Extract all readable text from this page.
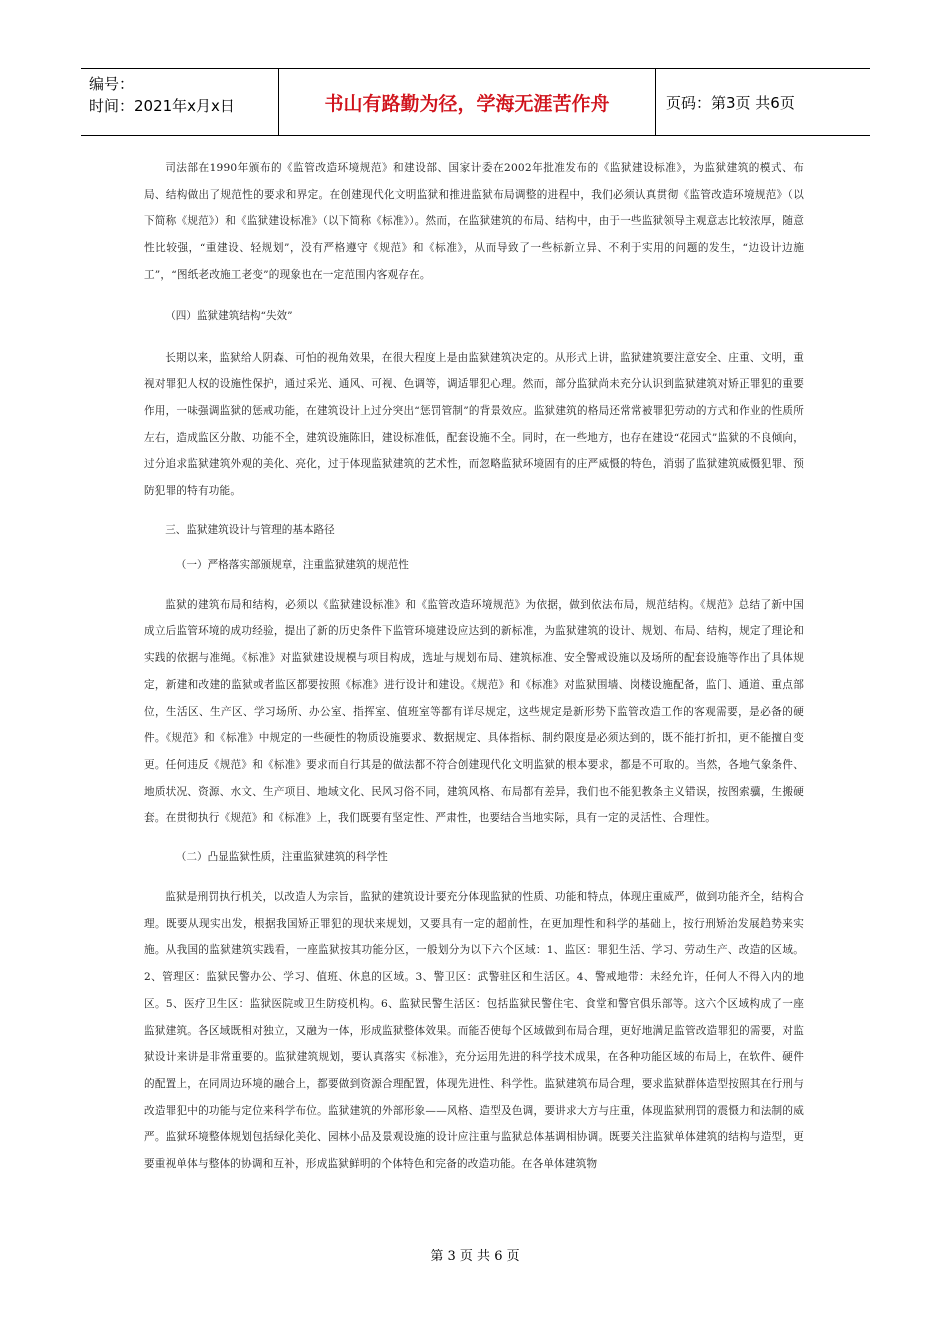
编号：
时间：2021年x月x日	书山有路勤为径，学海无涯苦作舟	页码：第3页 共6页

司法部在1990年颁布的《监管改造环境规范》和建设部、国家计委在2002年批准发布的《监狱建设标准》，为监狱建筑的模式、布局、结构做出了规范性的要求和界定。在创建现代化文明监狱和推进监狱布局调整的进程中，我们必须认真贯彻《监管改造环境规范》（以下简称《规范》）和《监狱建设标准》（以下简称《标准》）。然而，在监狱建筑的布局、结构中，由于一些监狱领导主观意志比较浓厚，随意性比较强，“重建设、轻规划”，没有严格遵守《规范》和《标准》，从而导致了一些标新立异、不利于实用的问题的发生，“边设计边施工”，“图纸老改施工老变”的现象也在一定范围内客观存在。

（四）监狱建筑结构“失效”

长期以来，监狱给人阴森、可怕的视角效果，在很大程度上是由监狱建筑决定的。从形式上讲，监狱建筑要注意安全、庄重、文明，重视对罪犯人权的设施性保护，通过采光、通风、可视、色调等，调适罪犯心理。然而，部分监狱尚未充分认识到监狱建筑对矫正罪犯的重要作用，一味强调监狱的惩戒功能，在建筑设计上过分突出“惩罚管制”的背景效应。监狱建筑的格局还常常被罪犯劳动的方式和作业的性质所左右，造成监区分散、功能不全，建筑设施陈旧，建设标准低，配套设施不全。同时，在一些地方，也存在建设“花园式”监狱的不良倾向，过分追求监狱建筑外观的美化、亮化，过于体现监狱建筑的艺术性，而忽略监狱环境固有的庄严威慑的特色，消弱了监狱建筑威慑犯罪、预防犯罪的特有功能。

三、监狱建筑设计与管理的基本路径

（一）严格落实部颁规章，注重监狱建筑的规范性

监狱的建筑布局和结构，必须以《监狱建设标准》和《监管改造环境规范》为依据，做到依法布局，规范结构。《规范》总结了新中国成立后监管环境的成功经验，提出了新的历史条件下监管环境建设应达到的新标准，为监狱建筑的设计、规划、布局、结构，规定了理论和实践的依据与准绳。《标准》对监狱建设规模与项目构成，选址与规划布局、建筑标准、安全警戒设施以及场所的配套设施等作出了具体规定，新建和改建的监狱或者监区都要按照《标准》进行设计和建设。《规范》和《标准》对监狱围墙、岗楼设施配备，监门、通道、重点部位，生活区、生产区、学习场所、办公室、指挥室、值班室等都有详尽规定，这些规定是新形势下监管改造工作的客观需要，是必备的硬件。《规范》和《标准》中规定的一些硬性的物质设施要求、数据规定、具体指标、制约限度是必须达到的，既不能打折扣，更不能擅自变更。任何违反《规范》和《标准》要求而自行其是的做法都不符合创建现代化文明监狱的根本要求，都是不可取的。当然，各地气象条件、地质状况、资源、水文、生产项目、地域文化、民风习俗不同，建筑风格、布局都有差异，我们也不能犯教条主义错误，按图索骥，生搬硬套。在贯彻执行《规范》和《标准》上，我们既要有坚定性、严肃性，也要结合当地实际，具有一定的灵活性、合理性。

（二）凸显监狱性质，注重监狱建筑的科学性

监狱是刑罚执行机关，以改造人为宗旨，监狱的建筑设计要充分体现监狱的性质、功能和特点，体现庄重威严，做到功能齐全，结构合理。既要从现实出发，根据我国矫正罪犯的现状来规划，又要具有一定的超前性，在更加理性和科学的基础上，按行刑矫治发展趋势来实施。从我国的监狱建筑实践看，一座监狱按其功能分区，一般划分为以下六个区域：1、监区：罪犯生活、学习、劳动生产、改造的区域。2、管理区：监狱民警办公、学习、值班、休息的区域。3、警卫区：武警驻区和生活区。4、警戒地带：未经允许，任何人不得入内的地区。5、医疗卫生区：监狱医院或卫生防疫机构。6、监狱民警生活区：包括监狱民警住宅、食堂和警官俱乐部等。这六个区域构成了一座监狱建筑。各区域既相对独立，又融为一体，形成监狱整体效果。而能否使每个区域做到布局合理，更好地满足监管改造罪犯的需要，对监狱设计来讲是非常重要的。监狱建筑规划，要认真落实《标准》，充分运用先进的科学技术成果，在各种功能区域的布局上，在软件、硬件的配置上，在同周边环境的融合上，都要做到资源合理配置，体现先进性、科学性。监狱建筑布局合理，要求监狱群体造型按照其在行刑与改造罪犯中的功能与定位来科学布位。监狱建筑的外部形象——风格、造型及色调，要讲求大方与庄重，体现监狱刑罚的震慑力和法制的威严。监狱环境整体规划包括绿化美化、园林小品及景观设施的设计应注重与监狱总体基调相协调。既要关注监狱单体建筑的结构与造型，更要重视单体与整体的协调和互补，形成监狱鲜明的个体特色和完备的改造功能。在各单体建筑物

第 3 页 共 6 页
